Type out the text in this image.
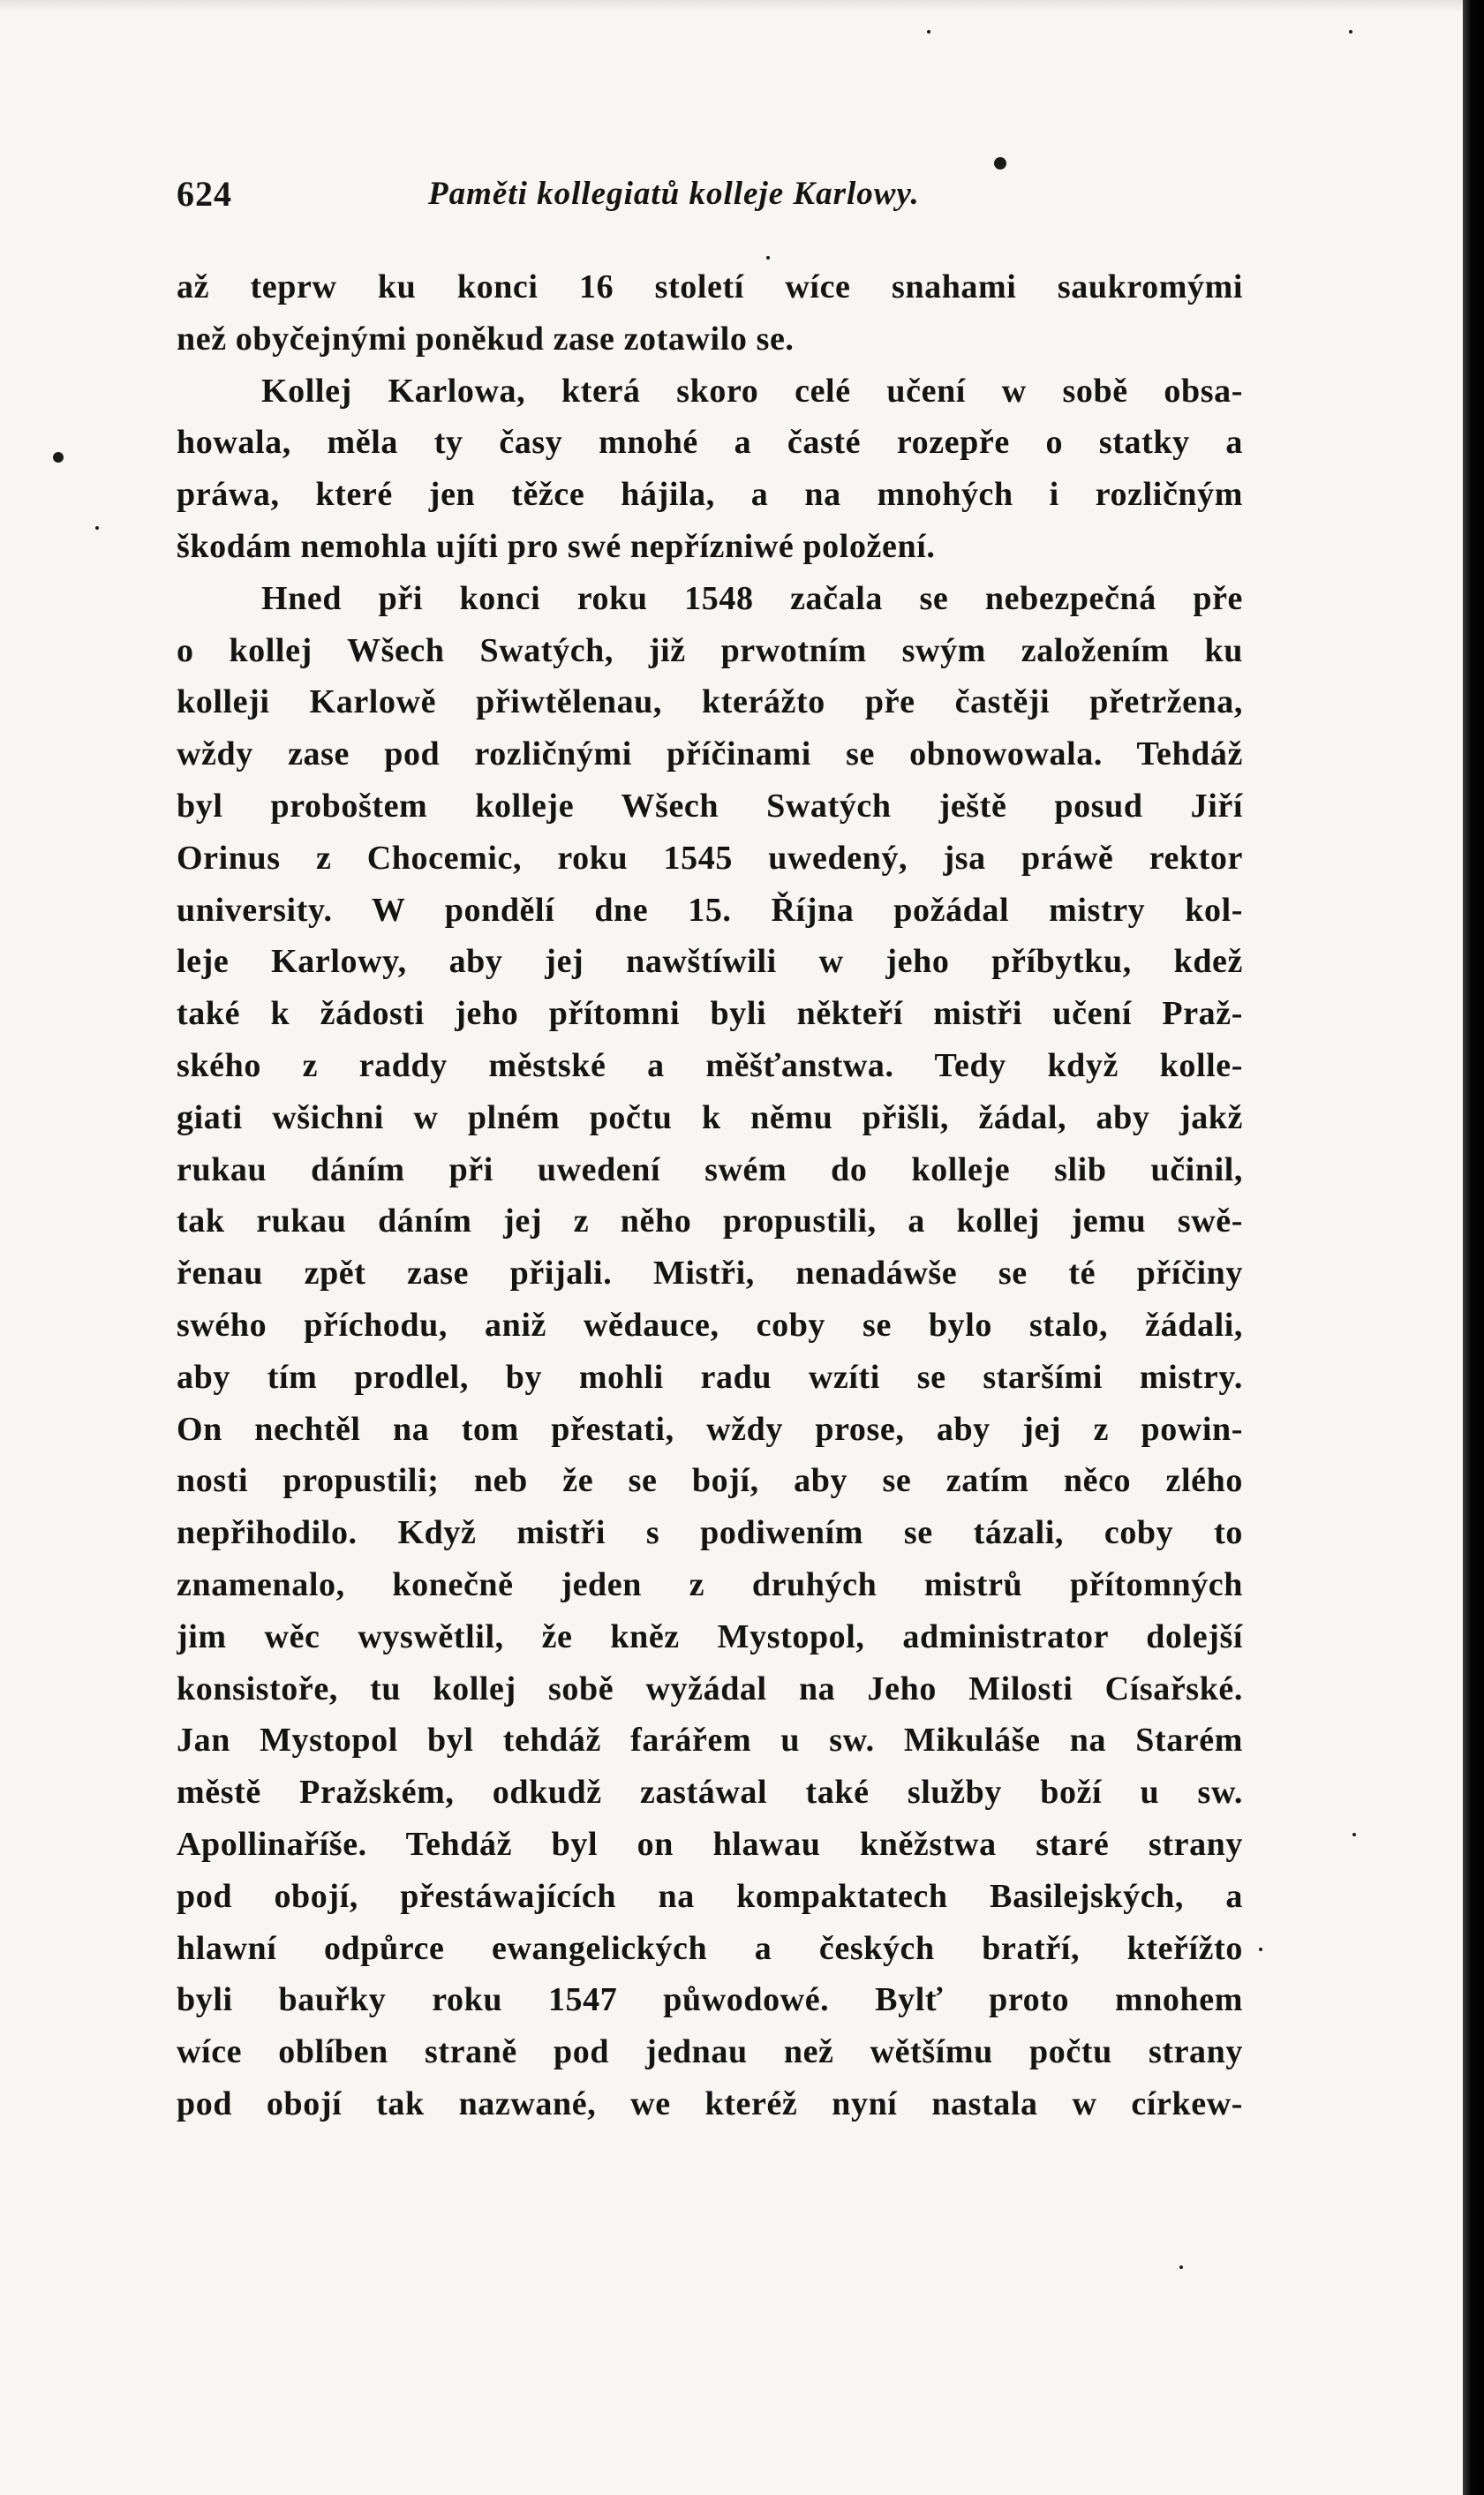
624	Paměti kollegiatů kolleje Karlowy.
až teprw ku konci 16 století wíce snahami saukromými
než obyčejnými poněkud zase zotawilo se.
Kollej Karlowa, která skoro celé učení w sobě obsa-
howala, měla ty časy mnohé a časté rozepře o statky a
práwa, které jen těžce hájila, a na mnohých i rozličným
škodám nemohla ujíti pro swé nepřízniwé položení.
Hned při konci roku 1548 začala se nebezpečná pře
o kollej Wšech Swatých, již prwotním swým založením ku
kolleji Karlowě přiwtělenau, kterážto pře častěji přetržena,
wždy zase pod rozličnými příčinami se obnowowala. Tehdáž
byl proboštem kolleje Wšech Swatých ještě posud Jiří
Orinus z Chocemic, roku 1545 uwedený, jsa práwě rektor
university. W pondělí dne 15. Října požádal mistry kol-
leje Karlowy, aby jej nawštíwili w jeho příbytku, kdež
také k žádosti jeho přítomni byli někteří mistři učení Praž-
ského z raddy městské a měšťanstwa. Tedy když kolle-
giati wšichni w plném počtu k němu přišli, žádal, aby jakž
rukau dáním při uwedení swém do kolleje slib učinil,
tak rukau dáním jej z něho propustili, a kollej jemu swě-
řenau zpět zase přijali. Mistři, nenadáwše se té příčiny
swého příchodu, aniž wědauce, coby se bylo stalo, žádali,
aby tím prodlel, by mohli radu wzíti se staršími mistry.
On nechtěl na tom přestati, wždy prose, aby jej z powin-
nosti propustili; neb že se bojí, aby se zatím něco zlého
nepřihodilo. Když mistři s podiwením se tázali, coby to
znamenalo, konečně jeden z druhých mistrů přítomných
jim wěc wyswětlil, že kněz Mystopol, administrator dolejší
konsistoře, tu kollej sobě wyžádal na Jeho Milosti Císařské.
Jan Mystopol byl tehdáž farářem u sw. Mikuláše na Starém
městě Pražském, odkudž zastáwal také služby boží u sw.
Apollinaříše. Tehdáž byl on hlawau kněžstwa staré strany
pod obojí, přestáwajících na kompaktatech Basilejských, a
hlawní odpůrce ewangelických a českých bratří, kteřížto
byli bauřky roku 1547 půwodowé. Bylť proto mnohem
wíce oblíben straně pod jednau než wětšímu počtu strany
pod obojí tak nazwané, we kteréž nyní nastala w církew-
